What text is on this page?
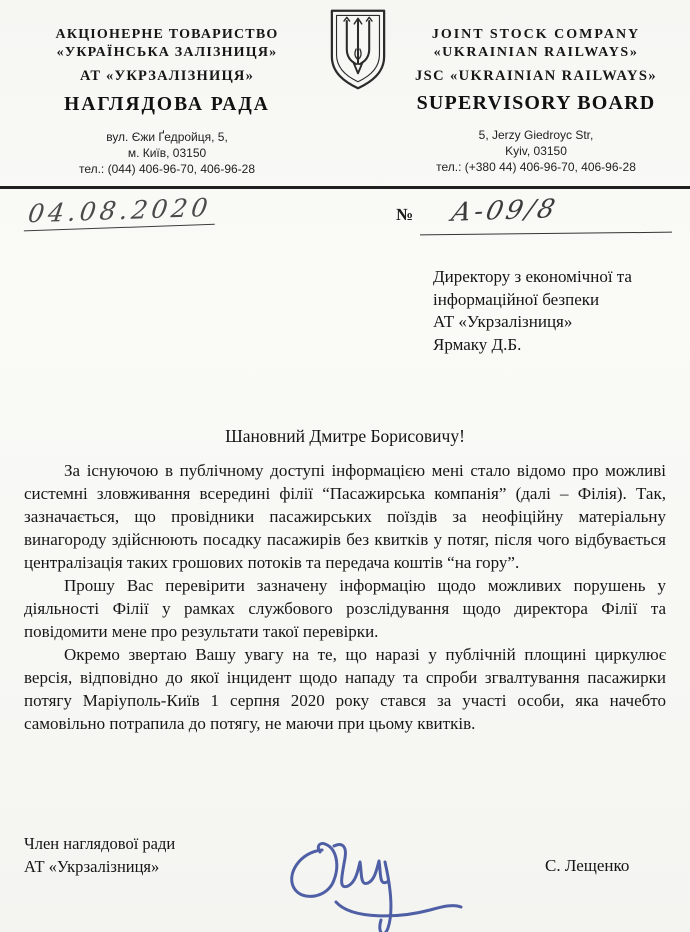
АКЦІОНЕРНЕ ТОВАРИСТВО
«УКРАЇНСЬКА ЗАЛІЗНИЦЯ»
АТ «УКРЗАЛІЗНИЦЯ»
НАГЛЯДОВА РАДА
вул. Єжи Ґедройця, 5,
м. Київ, 03150
тел.: (044) 406-96-70, 406-96-28
JOINT STOCK COMPANY
«UKRAINIAN RAILWAYS»
JSC «UKRAINIAN RAILWAYS»
SUPERVISORY BOARD
5, Jerzy Giedroyc Str,
Kyiv, 03150
тел.: (+380 44) 406-96-70, 406-96-28
04.08.2020	№ А-09/8
Директору з економічної та
інформаційної безпеки
АТ «Укрзалізниця»
Ярмаку Д.Б.
Шановний Дмитре Борисовичу!

За існуючою в публічному доступі інформацією мені стало відомо про можливі системні зловживання всередині філії “Пасажирська компанія” (далі – Філія). Так, зазначається, що провідники пасажирських поїздів за неофіційну матеріальну винагороду здійснюють посадку пасажирів без квитків у потяг, після чого відбувається централізація таких грошових потоків та передача коштів “на гору”.

Прошу Вас перевірити зазначену інформацію щодо можливих порушень у діяльності Філії у рамках службового розслідування щодо директора Філії та повідомити мене про результати такої перевірки.

Окремо звертаю Вашу увагу на те, що наразі у публічній площині циркулює версія, відповідно до якої інцидент щодо нападу та спроби згвалтування пасажирки потягу Маріуполь-Київ 1 серпня 2020 року стався за участі особи, яка начебто самовільно потрапила до потягу, не маючи при цьому квитків.

Член наглядової ради
АТ «Укрзалізниця»	С. Лещенко
